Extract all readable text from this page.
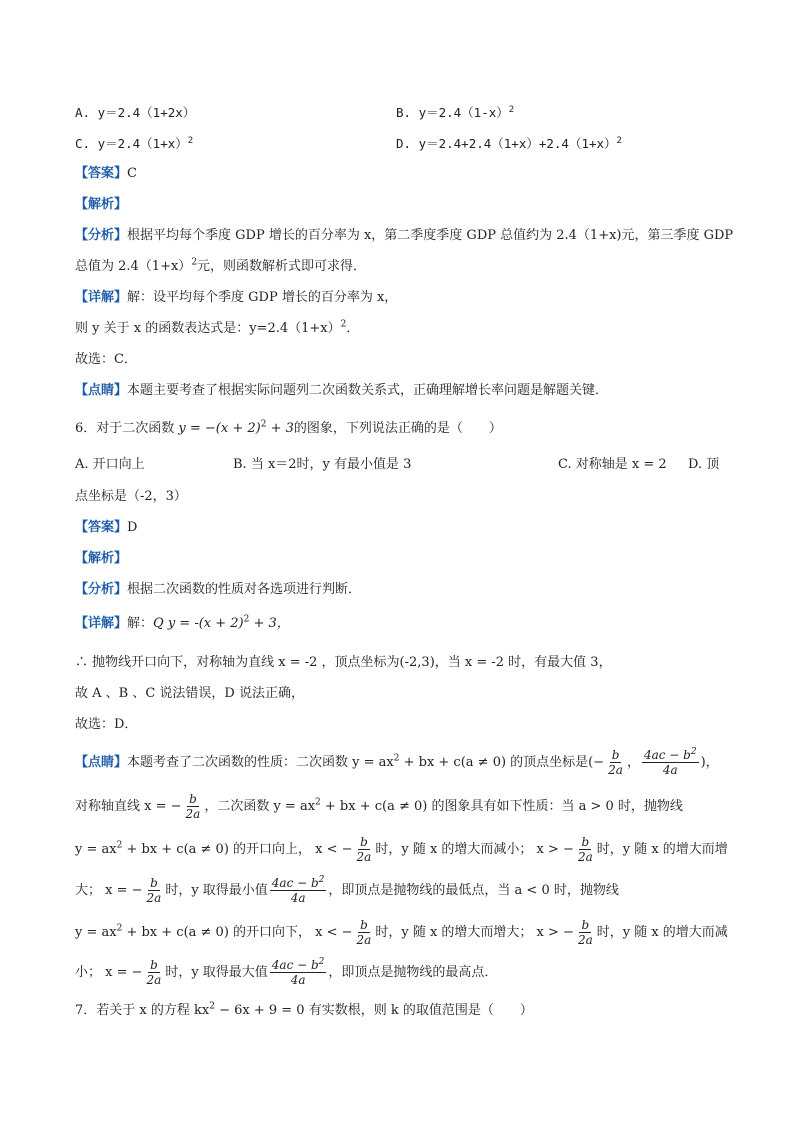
A. y＝2.4（1+2x）	B. $y=2.4(1-x)^2$
C. $y=2.4(1+x)^2$	D. $y=2.4+2.4(1+x)+2.4(1+x)^2$
【答案】C
【解析】
【分析】根据平均每个季度 GDP 增长的百分率为 x，第二季度季度 GDP 总值约为 2.4（1+x)元，第三季度 GDP
总值为 $2.4(1+x)^2$元，则函数解析式即可求得．
【详解】解：设平均每个季度 GDP 增长的百分率为 x，
则 y 关于 x 的函数表达式是：$y=2.4(1+x)^2$．
故选：C．
【点睛】本题主要考查了根据实际问题列二次函数关系式，正确理解增长率问题是解题关键．
6．对于二次函数 $y = -(x + 2)^2 + 3$的图象，下列说法正确的是（　　）
A. 开口向上	B. 当 x＝2时，y 有最小值是 3	C. 对称轴是 x = 2 D. 顶
点坐标是（-2，3）
【答案】D
【解析】
【分析】根据二次函数的性质对各选项进行判断．
【详解】解：Q $y = -(x + 2)^2 + 3$，
∴ 抛物线开口向下，对称轴为直线 x = -2 ，顶点坐标为(-2,3)，当 x = -2 时，有最大值 3，
故 A 、B 、C 说法错误，D 说法正确，
故选：D．
【点睛】本题考查了二次函数的性质：二次函数 $y = ax^2$ + bx + c(a ≠ 0) 的顶点坐标是(− $\frac{b}{2a}$ ， $\frac{4ac - b^2}{4a}$ )，
对称轴直线 x = − $\frac{b}{2a}$ ，二次函数 $y = ax^2$ + bx + c(a ≠ 0) 的图象具有如下性质：当 a > 0 时，抛物线
$y = ax^2$ + bx + c(a ≠ 0) 的开口向上， x < − $\frac{b}{2a}$ 时，y 随 x 的增大而减小； x > − $\frac{b}{2a}$ 时，y 随 x 的增大而增
大； x = − $\frac{b}{2a}$ 时，y 取得最小值 $\frac{4ac - b^2}{4a}$ ，即顶点是抛物线的最低点，当 a < 0 时，抛物线
$y = ax^2$ + bx + c(a ≠ 0) 的开口向下， x < − $\frac{b}{2a}$ 时，y 随 x 的增大而增大； x > − $\frac{b}{2a}$ 时，y 随 x 的增大而减
小； x = − $\frac{b}{2a}$ 时，y 取得最大值 $\frac{4ac - b^2}{4a}$ ，即顶点是抛物线的最高点．
7．若关于 x 的方程 $kx^2 - 6x + 9 = 0$ 有实数根，则 k 的取值范围是（　　）
